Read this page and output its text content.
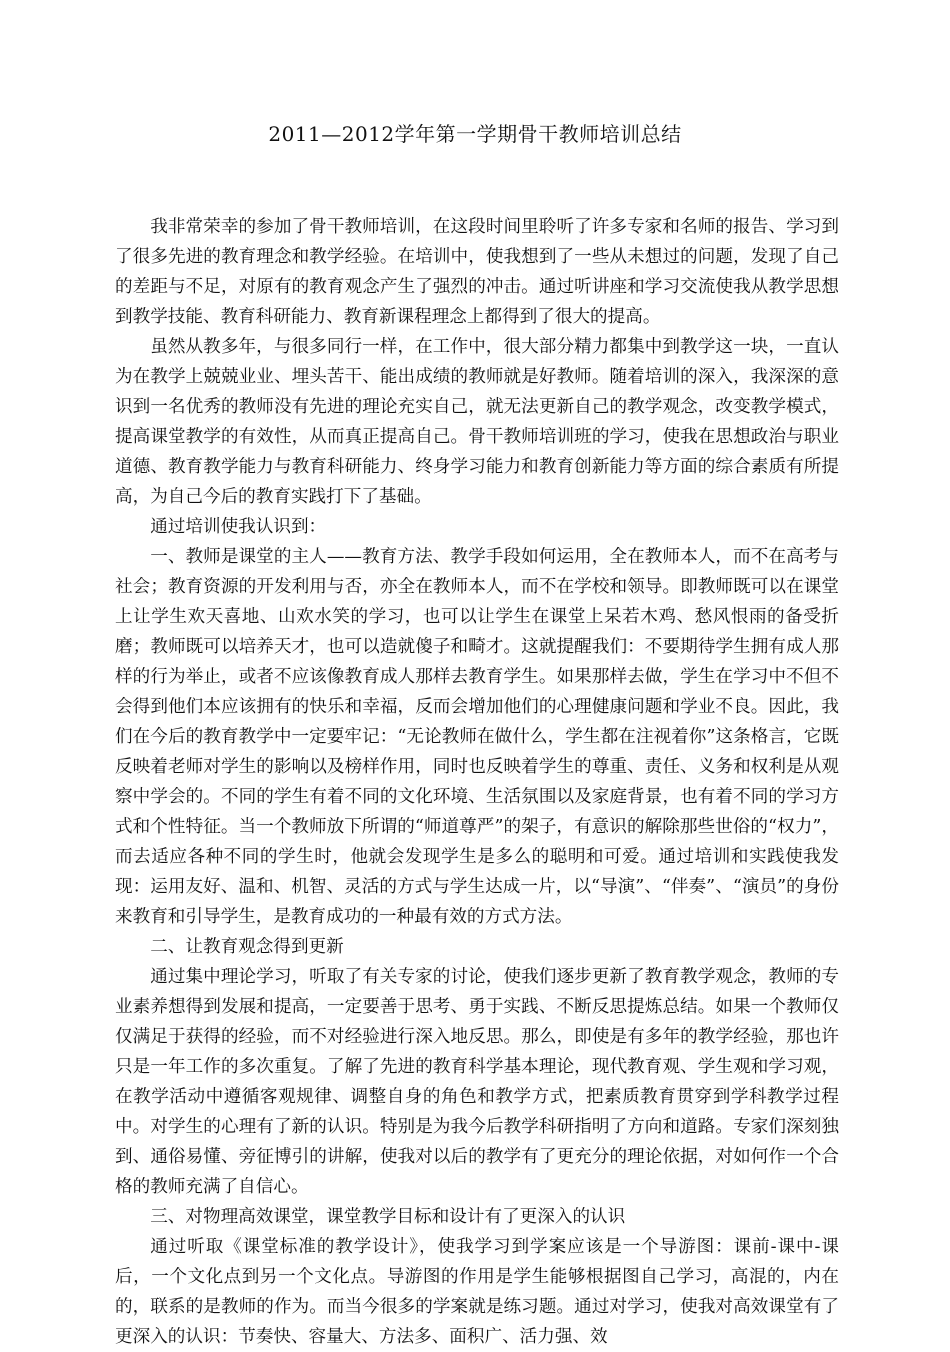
2011—2012学年第一学期骨干教师培训总结

我非常荣幸的参加了骨干教师培训，在这段时间里聆听了许多专家和名师的报告、学习到了很多先进的教育理念和教学经验。在培训中，使我想到了一些从未想过的问题，发现了自己的差距与不足，对原有的教育观念产生了强烈的冲击。通过听讲座和学习交流使我从教学思想到教学技能、教育科研能力、教育新课程理念上都得到了很大的提高。

虽然从教多年，与很多同行一样，在工作中，很大部分精力都集中到教学这一块，一直认为在教学上兢兢业业、埋头苦干、能出成绩的教师就是好教师。随着培训的深入，我深深的意识到一名优秀的教师没有先进的理论充实自己，就无法更新自己的教学观念，改变教学模式，提高课堂教学的有效性，从而真正提高自己。骨干教师培训班的学习，使我在思想政治与职业道德、教育教学能力与教育科研能力、终身学习能力和教育创新能力等方面的综合素质有所提高，为自己今后的教育实践打下了基础。

通过培训使我认识到：

一、教师是课堂的主人——教育方法、教学手段如何运用，全在教师本人，而不在高考与社会；教育资源的开发利用与否，亦全在教师本人，而不在学校和领导。即教师既可以在课堂上让学生欢天喜地、山欢水笑的学习，也可以让学生在课堂上呆若木鸡、愁风恨雨的备受折磨；教师既可以培养天才，也可以造就傻子和畸才。这就提醒我们：不要期待学生拥有成人那样的行为举止，或者不应该像教育成人那样去教育学生。如果那样去做，学生在学习中不但不会得到他们本应该拥有的快乐和幸福，反而会增加他们的心理健康问题和学业不良。因此，我们在今后的教育教学中一定要牢记：“无论教师在做什么，学生都在注视着你”这条格言，它既反映着老师对学生的影响以及榜样作用，同时也反映着学生的尊重、责任、义务和权利是从观察中学会的。不同的学生有着不同的文化环境、生活氛围以及家庭背景，也有着不同的学习方式和个性特征。当一个教师放下所谓的“师道尊严”的架子，有意识的解除那些世俗的“权力”，而去适应各种不同的学生时，他就会发现学生是多么的聪明和可爱。通过培训和实践使我发现：运用友好、温和、机智、灵活的方式与学生达成一片，以“导演”、“伴奏”、“演员”的身份来教育和引导学生，是教育成功的一种最有效的方式方法。

二、让教育观念得到更新

通过集中理论学习，听取了有关专家的讨论，使我们逐步更新了教育教学观念，教师的专业素养想得到发展和提高，一定要善于思考、勇于实践、不断反思提炼总结。如果一个教师仅仅满足于获得的经验，而不对经验进行深入地反思。那么，即使是有多年的教学经验，那也许只是一年工作的多次重复。了解了先进的教育科学基本理论，现代教育观、学生观和学习观，在教学活动中遵循客观规律、调整自身的角色和教学方式，把素质教育贯穿到学科教学过程中。对学生的心理有了新的认识。特别是为我今后教学科研指明了方向和道路。专家们深刻独到、通俗易懂、旁征博引的讲解，使我对以后的教学有了更充分的理论依据，对如何作一个合格的教师充满了自信心。

三、对物理高效课堂，课堂教学目标和设计有了更深入的认识

通过听取《课堂标准的教学设计》，使我学习到学案应该是一个导游图：课前-课中-课后，一个文化点到另一个文化点。导游图的作用是学生能够根据图自己学习，高混的，内在的，联系的是教师的作为。而当今很多的学案就是练习题。通过对学习，使我对高效课堂有了更深入的认识：节奏快、容量大、方法多、面积广、活力强、效
